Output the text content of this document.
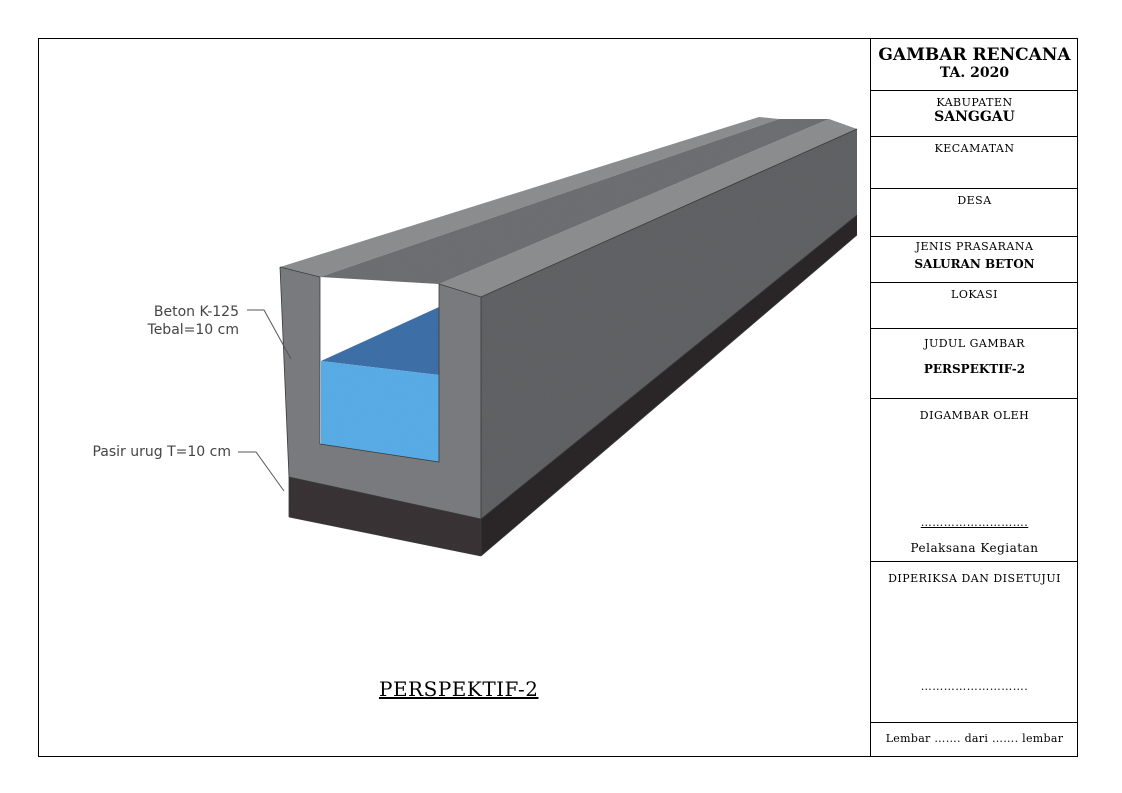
Beton K-125
Tebal=10 cm
Pasir urug T=10 cm
PERSPEKTIF-2
GAMBAR RENCANA
TA. 2020
KABUPATEN
SANGGAU
KECAMATAN
DESA
JENIS PRASARANA
SALURAN BETON
LOKASI
JUDUL GAMBAR
PERSPEKTIF-2
DIGAMBAR OLEH
……………………….
Pelaksana Kegiatan
DIPERIKSA DAN DISETUJUI
……………………….
Lembar ……. dari ……. lembar
